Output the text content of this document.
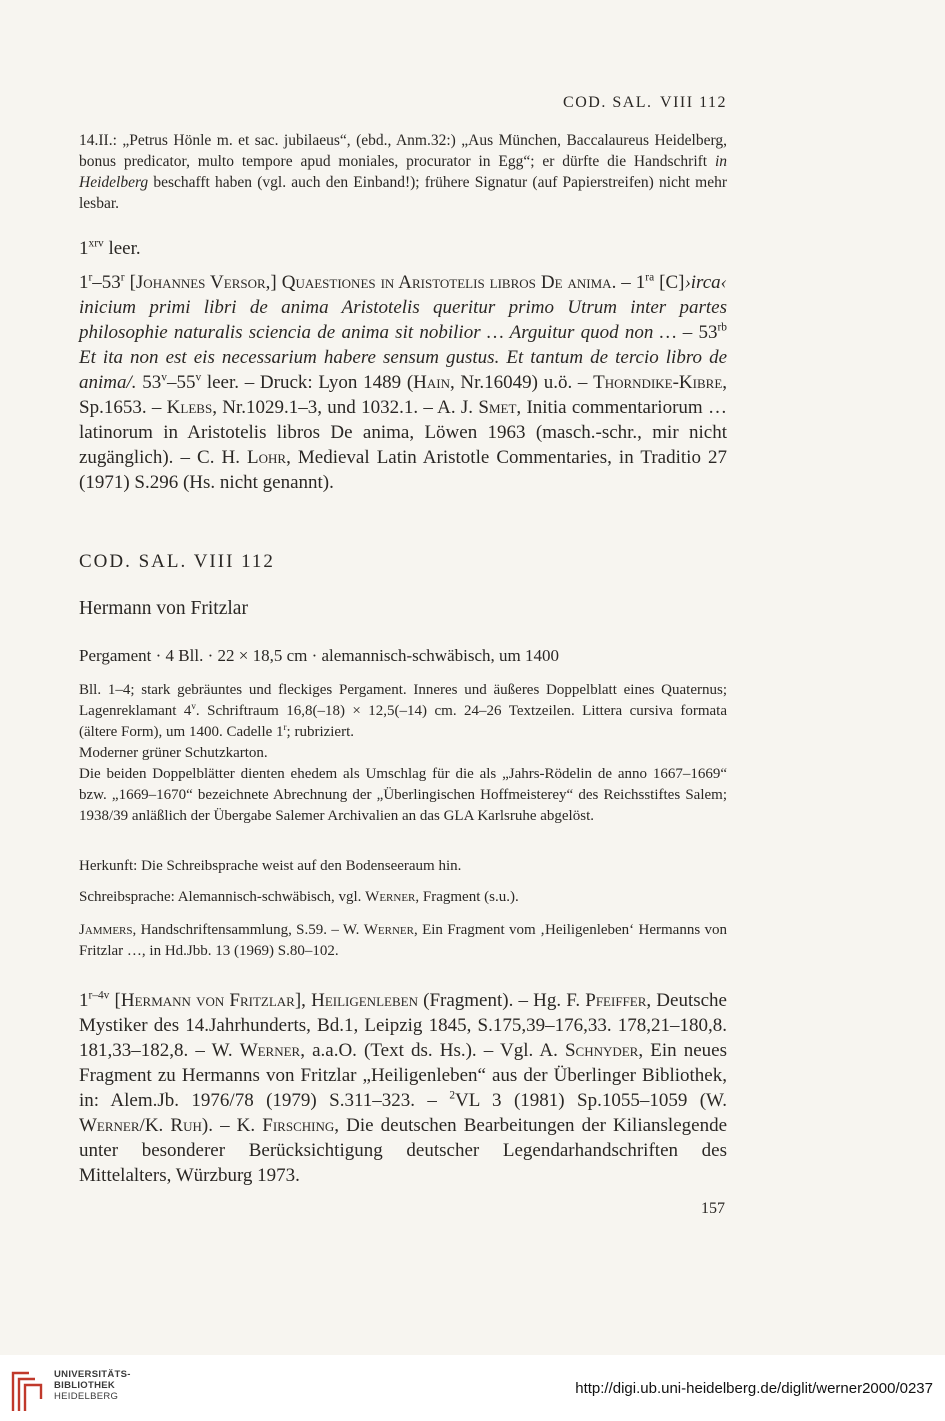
COD. SAL. VIII 112
14.II.: „Petrus Hönle m. et sac. jubilaeus“, (ebd., Anm.32:) „Aus München, Baccalaureus Heidelberg, bonus predicator, multo tempore apud moniales, procurator in Egg“; er dürfte die Handschrift in Heidelberg beschafft haben (vgl. auch den Einband!); frühere Signatur (auf Papierstreifen) nicht mehr lesbar.
$1^{xrv}$ leer.
1$^r$–53$^r$ [Johannes Versor,] Quaestiones in Aristotelis libros De anima. – $1^{ra}$ [C]›irca‹ inicium primi libri de anima Aristotelis queritur primo Utrum inter partes philosophie naturalis sciencia de anima sit nobilior … Arguitur quod non … – $53^{rb}$ Et ita non est eis necessarium habere sensum gustus. Et tantum de tercio libro de anima/. 53$^v$–55$^v$ leer. – Druck: Lyon 1489 (Hain, Nr.16049) u.ö. – Thorndike-Kibre, Sp.1653. – Klebs, Nr.1029.1–3, und 1032.1. – A. J. Smet, Initia commentariorum … latinorum in Aristotelis libros De anima, Löwen 1963 (masch.-schr., mir nicht zugänglich). – C. H. Lohr, Medieval Latin Aristotle Commentaries, in Traditio 27 (1971) S.296 (Hs. nicht genannt).
COD. SAL. VIII 112
Hermann von Fritzlar
Pergament · 4 Bll. · 22 × 18,5 cm · alemannisch-schwäbisch, um 1400
Bll. 1–4; stark gebräuntes und fleckiges Pergament. Inneres und äußeres Doppelblatt eines Quaternus; Lagenreklamant 4$^v$. Schriftraum 16,8(–18) × 12,5(–14) cm. 24–26 Textzeilen. Littera cursiva formata (ältere Form), um 1400. Cadelle 1$^r$; rubriziert.
Moderner grüner Schutzkarton.
Die beiden Doppelblätter dienten ehedem als Umschlag für die als „Jahrs-Rödelin de anno 1667–1669“ bzw. „1669–1670“ bezeichnete Abrechnung der „Überlingischen Hoffmeisterey“ des Reichsstiftes Salem; 1938/39 anläßlich der Übergabe Salemer Archivalien an das GLA Karlsruhe abgelöst.
Herkunft: Die Schreibsprache weist auf den Bodenseeraum hin.
Schreibsprache: Alemannisch-schwäbisch, vgl. Werner, Fragment (s.u.).
Jammers, Handschriftensammlung, S.59. – W. Werner, Ein Fragment vom ‚Heiligenleben‘ Hermanns von Fritzlar …, in Hd.Jbb. 13 (1969) S.80–102.
$1^{r-4v}$ [Hermann von Fritzlar], Heiligenleben (Fragment). – Hg. F. Pfeiffer, Deutsche Mystiker des 14.Jahrhunderts, Bd.1, Leipzig 1845, S.175,39–176,33. 178,21–180,8. 181,33–182,8. – W. Werner, a.a.O. (Text ds. Hs.). – Vgl. A. Schnyder, Ein neues Fragment zu Hermanns von Fritzlar „Heiligenleben“ aus der Überlinger Bibliothek, in: Alem.Jb. 1976/78 (1979) S.311–323. – $^2$VL 3 (1981) Sp.1055–1059 (W. Werner/K. Ruh). – K. Firsching, Die deutschen Bearbeitungen der Kilianslegende unter besonderer Berücksichtigung deutscher Legendarhandschriften des Mittelalters, Würzburg 1973.
157
UNIVERSITÄTS-
BIBLIOTHEK
HEIDELBERG	http://digi.ub.uni-heidelberg.de/diglit/werner2000/0237
